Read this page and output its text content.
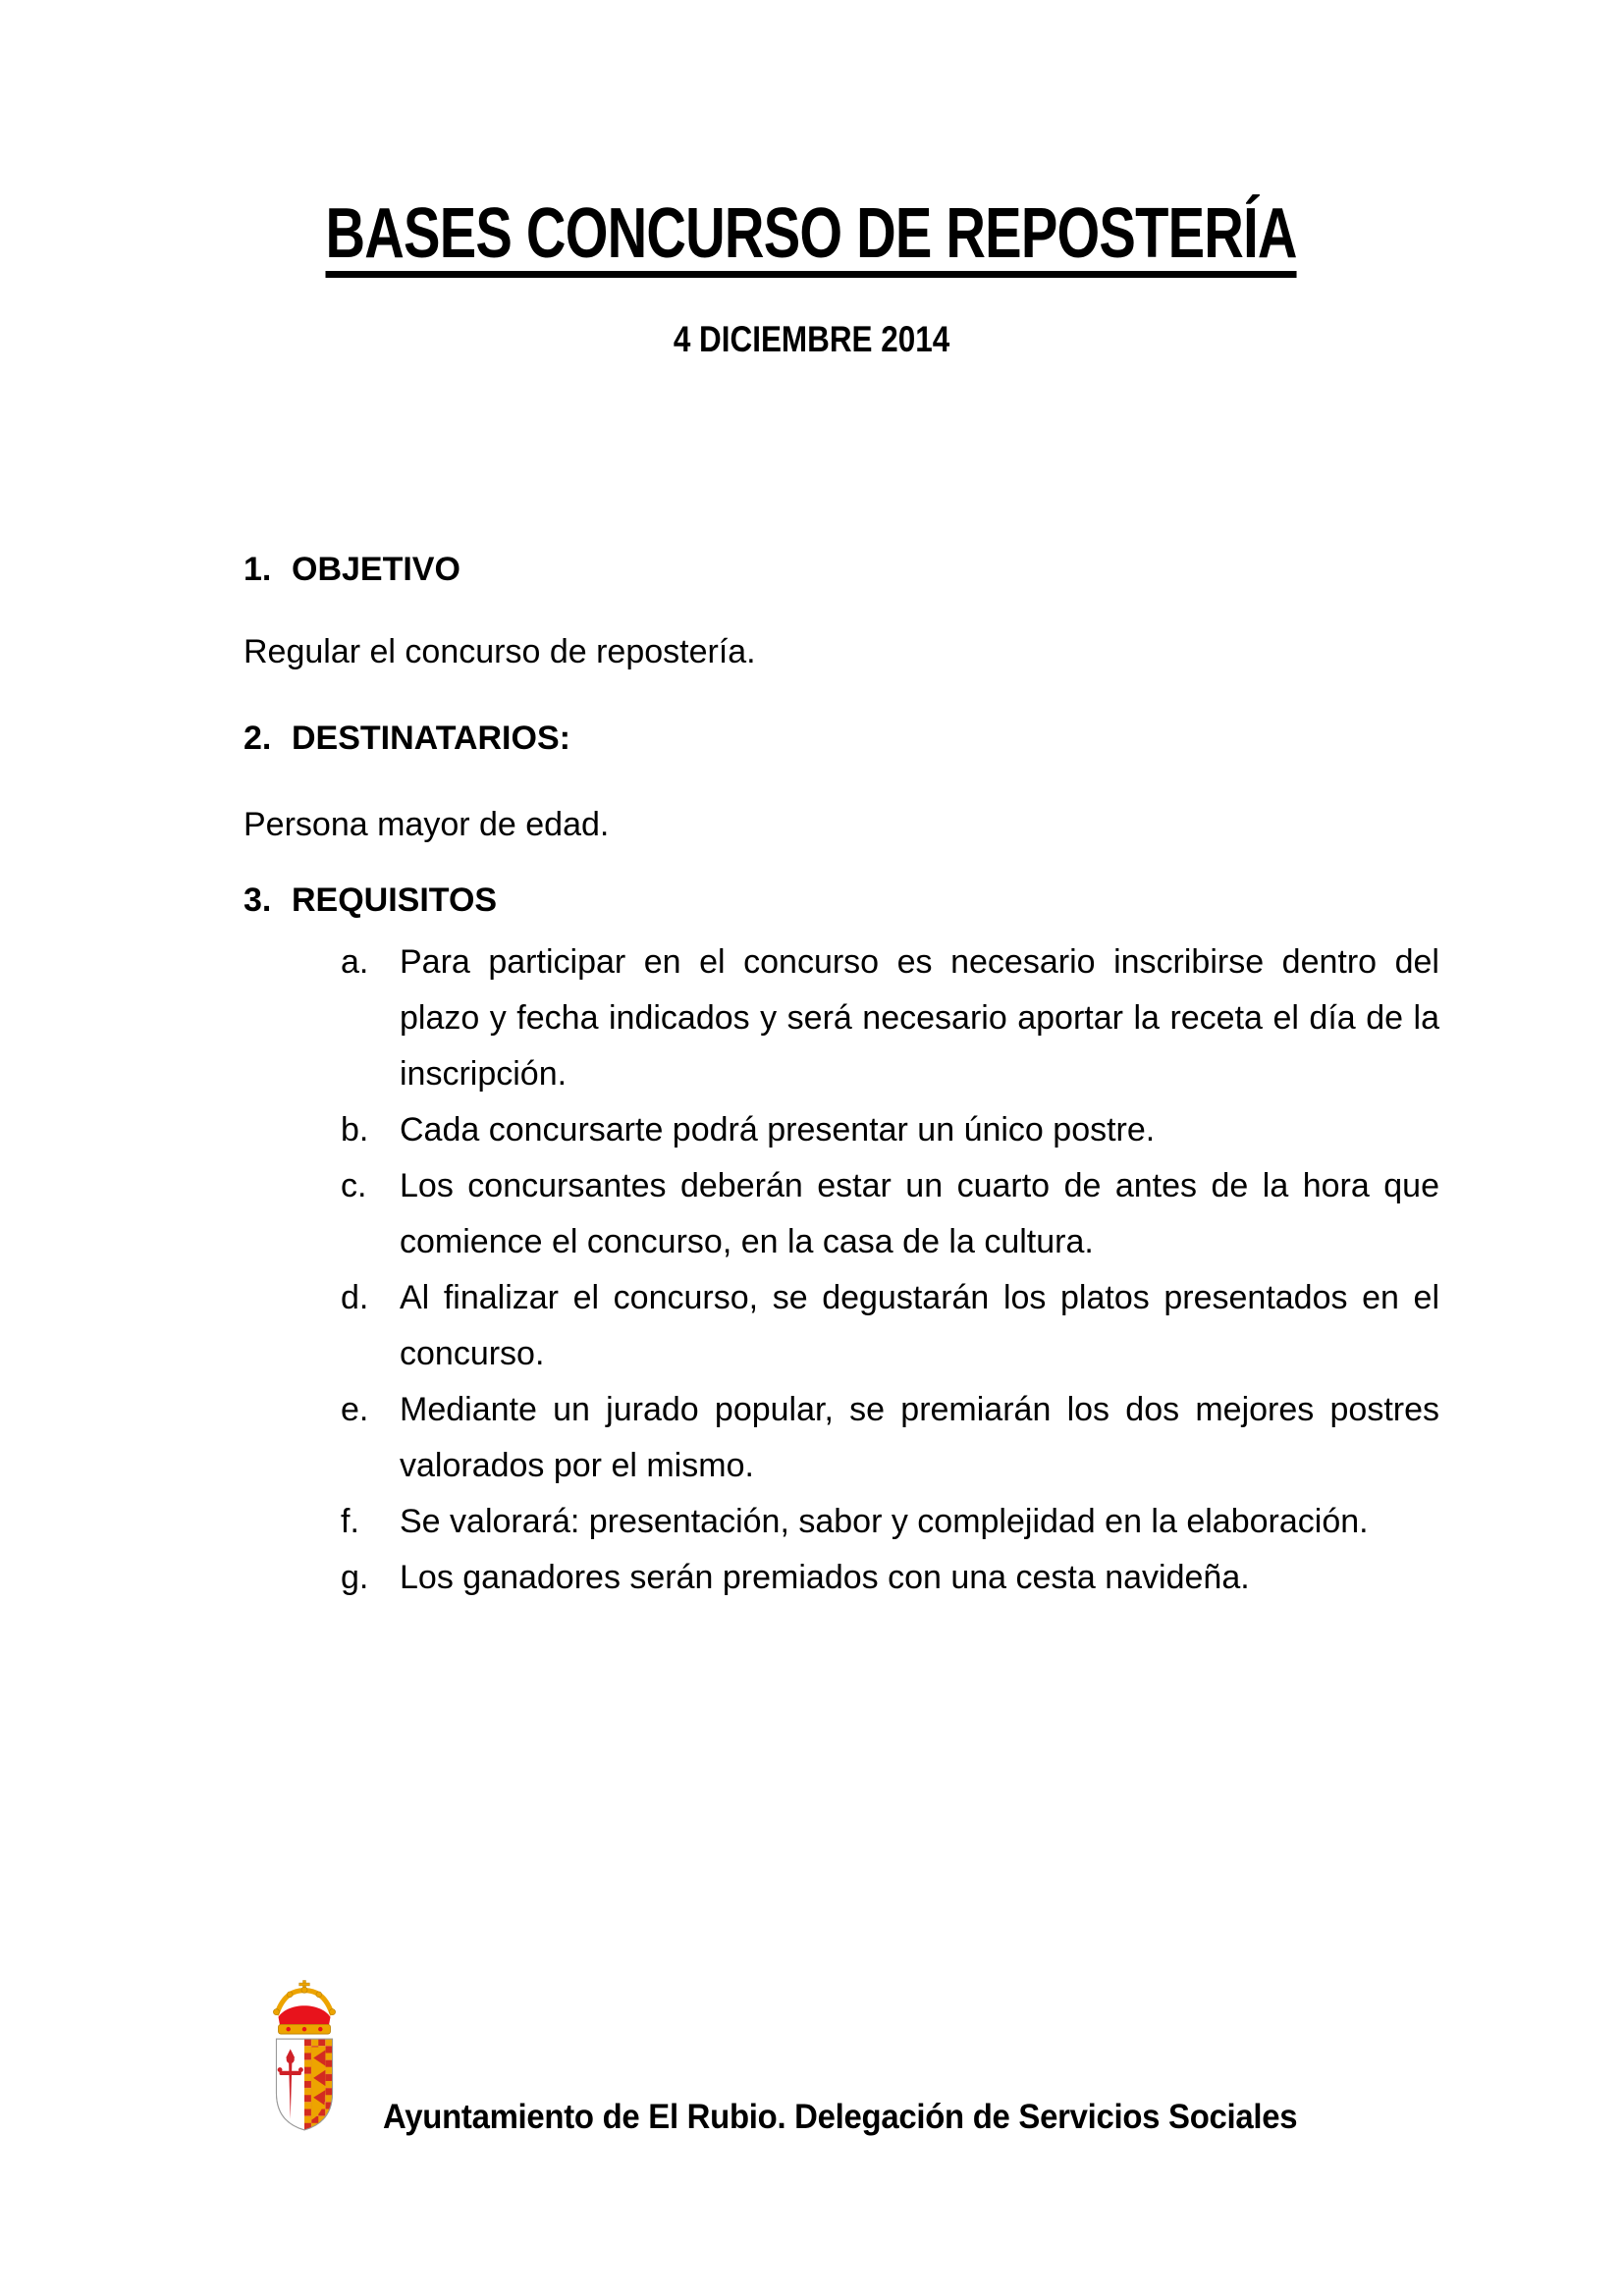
BASES CONCURSO DE REPOSTERÍA
4 DICIEMBRE 2014
1. OBJETIVO

Regular el concurso de repostería.

2. DESTINATARIOS:

Persona mayor de edad.

3. REQUISITOS
a. Para participar en el concurso es necesario inscribirse dentro del plazo y fecha indicados y será necesario aportar la receta el día de la inscripción.
b. Cada concursarte podrá presentar un único postre.
c. Los concursantes deberán estar un cuarto de antes de la hora que comience el concurso, en la casa de la cultura.
d. Al finalizar el concurso, se degustarán los platos presentados en el concurso.
e. Mediante un jurado popular, se premiarán los dos mejores postres valorados por el mismo.
f. Se valorará: presentación, sabor y complejidad en la elaboración.
g. Los ganadores serán premiados con una cesta navideña.
Ayuntamiento de El Rubio. Delegación de Servicios Sociales
